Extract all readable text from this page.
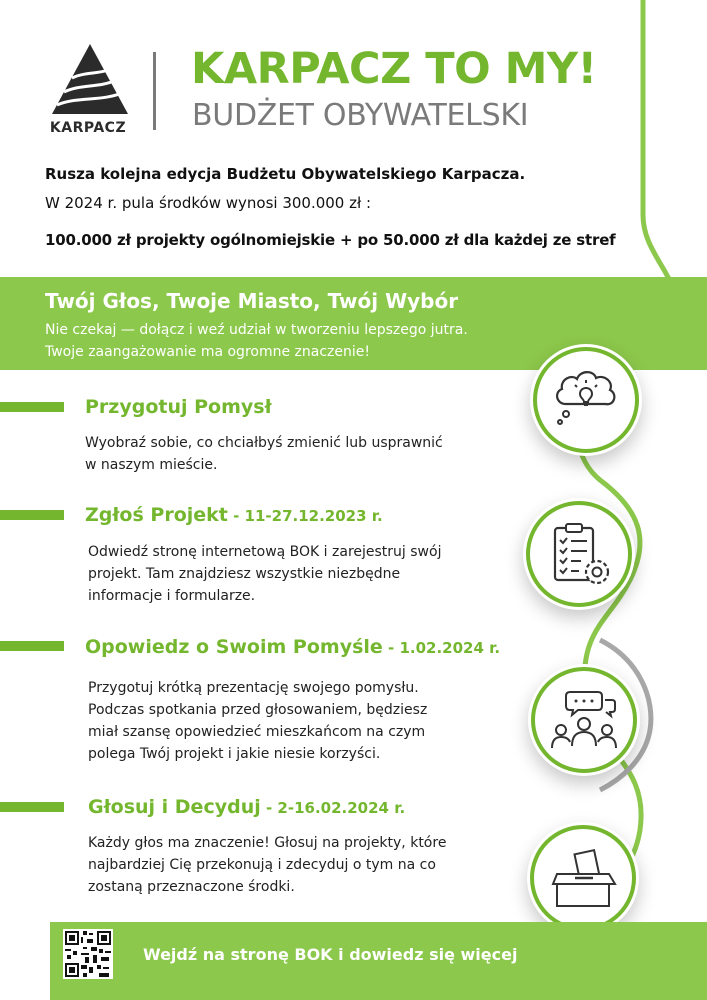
KARPACZ
KARPACZ TO MY!
BUDŻET OBYWATELSKI
Rusza kolejna edycja Budżetu Obywatelskiego Karpacza.
W 2024 r. pula środków wynosi 300.000 zł :
100.000 zł projekty ogólnomiejskie + po 50.000 zł dla każdej ze stref
Twój Głos, Twoje Miasto, Twój Wybór
Nie czekaj — dołącz i weź udział w tworzeniu lepszego jutra.
Twoje zaangażowanie ma ogromne znaczenie!
Przygotuj Pomysł
Wyobraź sobie, co chciałbyś zmienić lub usprawnić
w naszym mieście.
Zgłoś Projekt - 11-27.12.2023 r.
Odwiedź stronę internetową BOK i zarejestruj swój
projekt. Tam znajdziesz wszystkie niezbędne
informacje i formularze.
Opowiedz o Swoim Pomyśle - 1.02.2024 r.
Przygotuj krótką prezentację swojego pomysłu.
Podczas spotkania przed głosowaniem, będziesz
miał szansę opowiedzieć mieszkańcom na czym
polega Twój projekt i jakie niesie korzyści.
Głosuj i Decyduj - 2-16.02.2024 r.
Każdy głos ma znaczenie! Głosuj na projekty, które
najbardziej Cię przekonują i zdecyduj o tym na co
zostaną przeznaczone środki.
Wejdź na stronę BOK i dowiedz się więcej
